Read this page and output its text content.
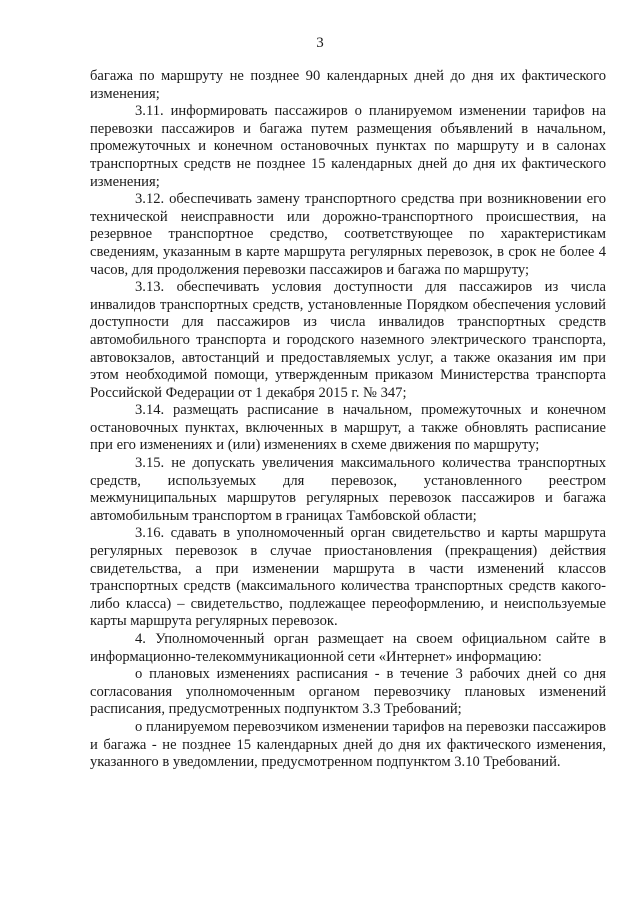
3

багажа по маршруту не позднее 90 календарных дней до дня их фактического изменения;

3.11. информировать пассажиров о планируемом изменении тарифов на перевозки пассажиров и багажа путем размещения объявлений в начальном, промежуточных и конечном остановочных пунктах по маршруту и в салонах транспортных средств не позднее 15 календарных дней до дня их фактического изменения;

3.12. обеспечивать замену транспортного средства при возникновении его технической неисправности или дорожно-транспортного происшествия, на резервное транспортное средство, соответствующее по характеристикам сведениям, указанным в карте маршрута регулярных перевозок, в срок не более 4 часов, для продолжения перевозки пассажиров и багажа по маршруту;

3.13. обеспечивать условия доступности для пассажиров из числа инвалидов транспортных средств, установленные Порядком обеспечения условий доступности для пассажиров из числа инвалидов транспортных средств автомобильного транспорта и городского наземного электрического транспорта, автовокзалов, автостанций и предоставляемых услуг, а также оказания им при этом необходимой помощи, утвержденным приказом Министерства транспорта Российской Федерации от 1 декабря 2015 г. № 347;

3.14. размещать расписание в начальном, промежуточных и конечном остановочных пунктах, включенных в маршрут, а также обновлять расписание при его изменениях и (или) изменениях в схеме движения по маршруту;

3.15. не допускать увеличения максимального количества транспортных средств, используемых для перевозок, установленного реестром межмуниципальных маршрутов регулярных перевозок пассажиров и багажа автомобильным транспортом в границах Тамбовской области;

3.16. сдавать в уполномоченный орган свидетельство и карты маршрута регулярных перевозок в случае приостановления (прекращения) действия свидетельства, а при изменении маршрута в части изменений классов транспортных средств (максимального количества транспортных средств какого-либо класса) – свидетельство, подлежащее переоформлению, и неиспользуемые карты маршрута регулярных перевозок.

4. Уполномоченный орган размещает на своем официальном сайте в информационно-телекоммуникационной сети «Интернет» информацию:

о плановых изменениях расписания - в течение 3 рабочих дней со дня согласования уполномоченным органом перевозчику плановых изменений расписания, предусмотренных подпунктом 3.3 Требований;

о планируемом перевозчиком изменении тарифов на перевозки пассажиров и багажа - не позднее 15 календарных дней до дня их фактического изменения, указанного в уведомлении, предусмотренном подпунктом 3.10 Требований.
